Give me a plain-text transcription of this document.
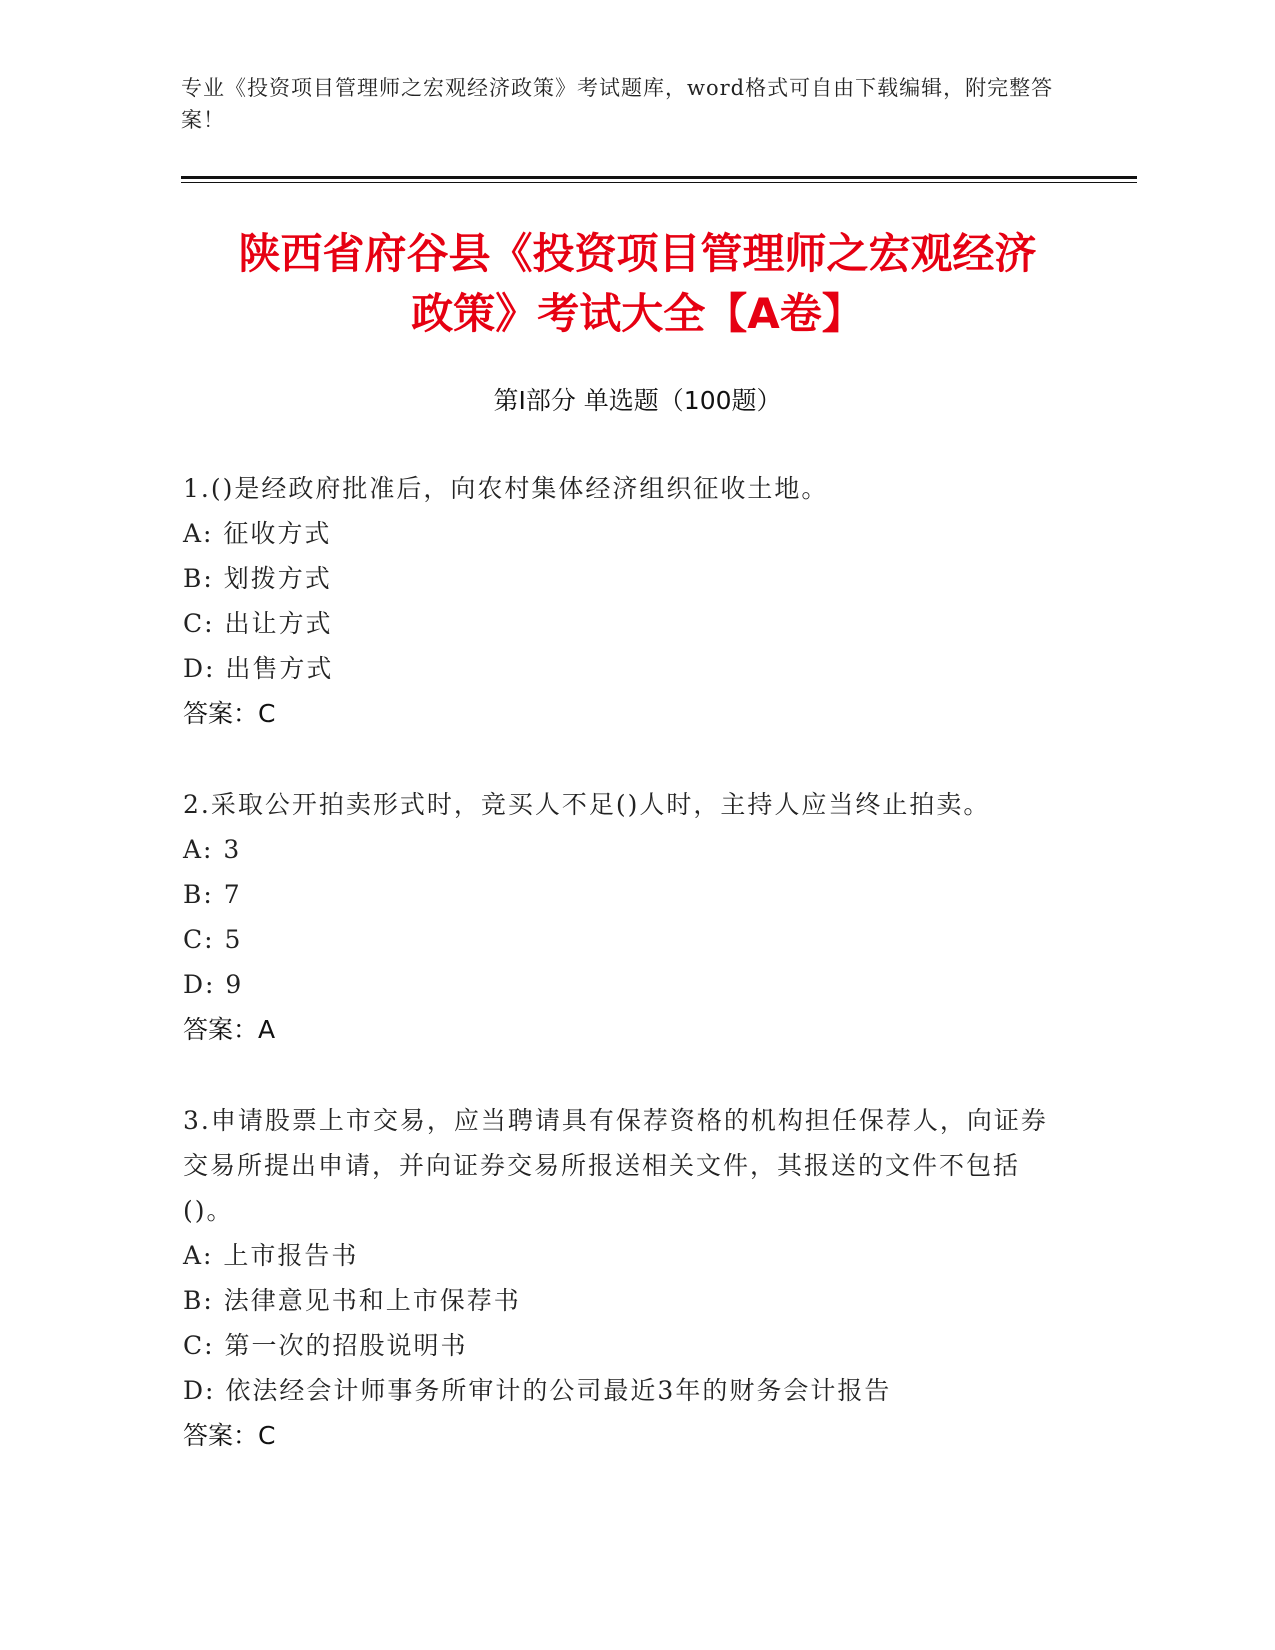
专业《投资项目管理师之宏观经济政策》考试题库，word格式可自由下载编辑，附完整答案！
陕西省府谷县《投资项目管理师之宏观经济
政策》考试大全【A卷】
第I部分 单选题（100题）
1.()是经政府批准后，向农村集体经济组织征收土地。
A: 征收方式
B: 划拨方式
C: 出让方式
D: 出售方式
答案：C
2.采取公开拍卖形式时，竞买人不足()人时，主持人应当终止拍卖。
A: 3
B: 7
C: 5
D: 9
答案：A
3.申请股票上市交易，应当聘请具有保荐资格的机构担任保荐人，向证券交易所提出申请，并向证券交易所报送相关文件，其报送的文件不包括()。
A: 上市报告书
B: 法律意见书和上市保荐书
C: 第一次的招股说明书
D: 依法经会计师事务所审计的公司最近3年的财务会计报告
答案：C
